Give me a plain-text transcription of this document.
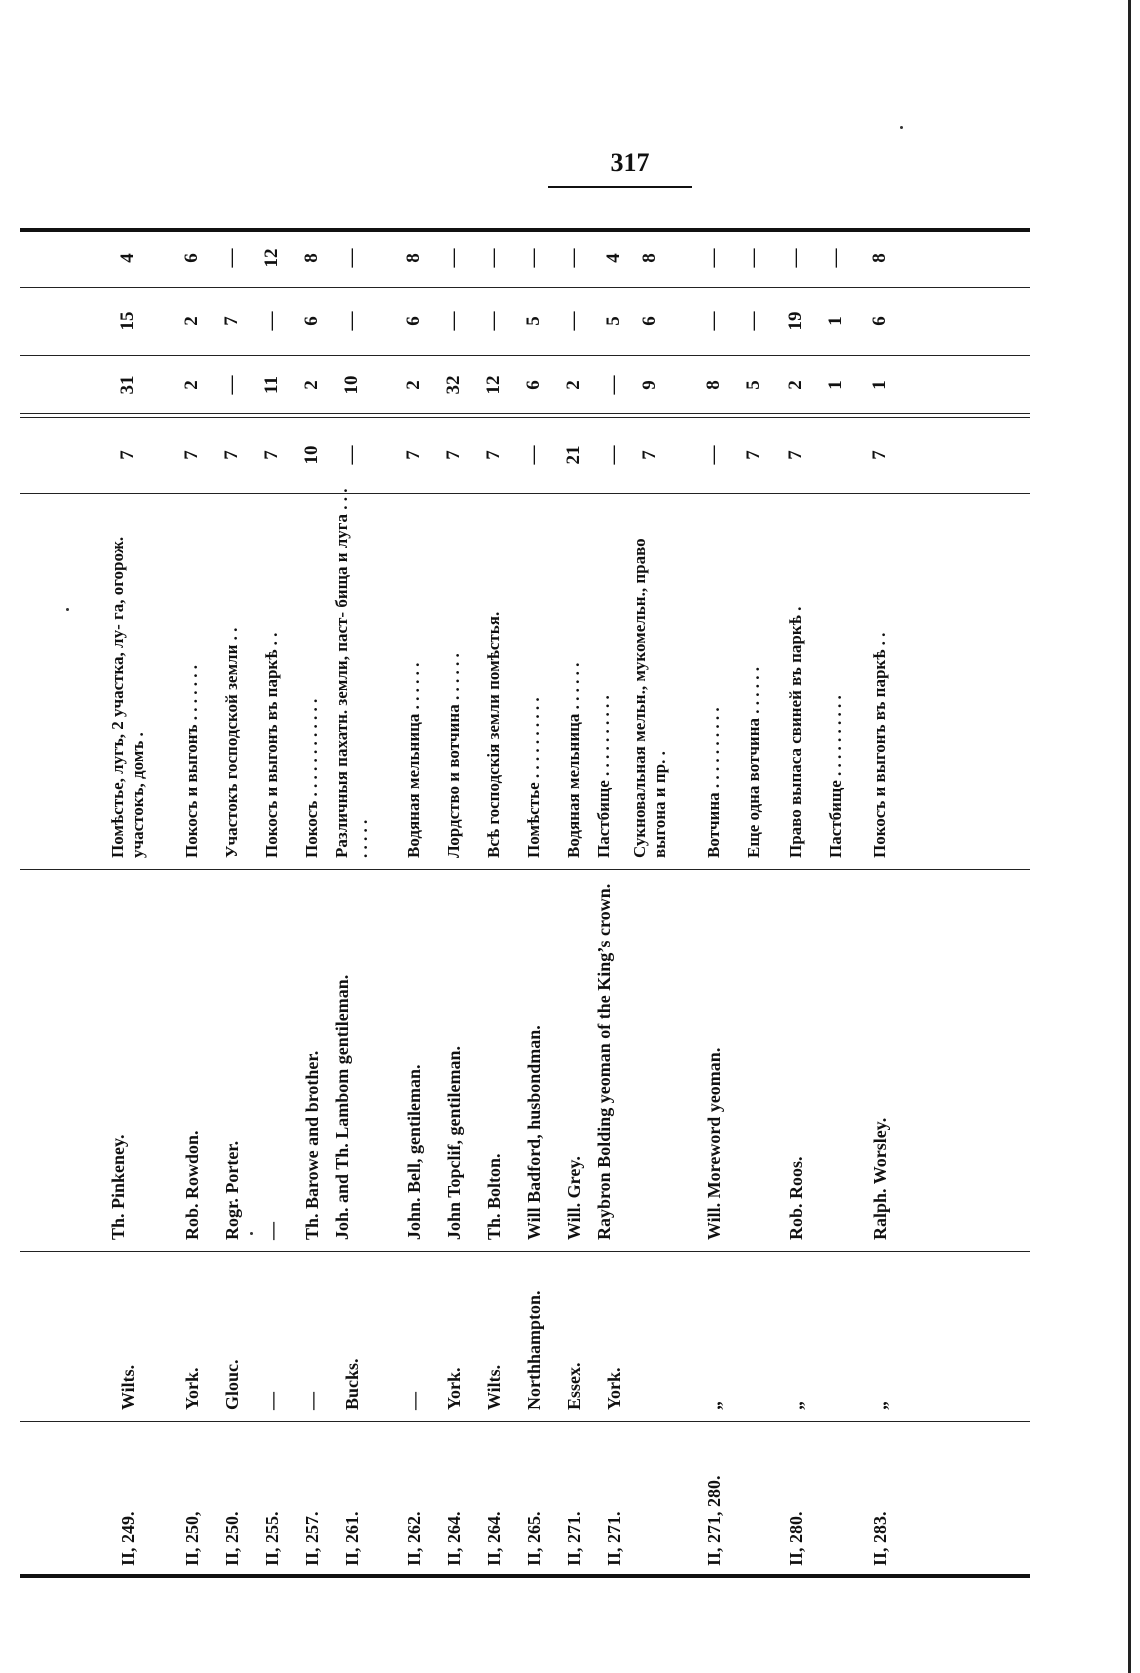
317
II, 249.
Wilts.
Th. Pinkeney.
Помѣстье, лугъ, 2 участка, лу- га, огорож. участокъ, домъ .
7
31
15
4
II, 250,
York.
Rob. Rowdon.
Покосъ и выгонъ . . . . . . .
7
2
2
6
II, 250.
Glouc.
Rogr. Porter.
Участокъ господской земли . .
7
—
7
—
II, 255.
—
—
Покосъ и выгонъ въ паркѣ . .
7
11
—
12
II, 257.
—
Th. Barowe and brother.
Покосъ . . . . . . . . . . . .
10
2
6
8
II, 261.
Bucks.
Joh. and Th. Lambom gentileman.
Различныя пахатн. земли, паст- бища и луга . . . . . . . .
—
10
—
—
II, 262.
—
John. Bell, gentileman.
Водяная мельница . . . . . .
7
2
6
8
II, 264.
York.
John Topclif, gentileman.
Лордство и вотчина . . . . . .
7
32
—
—
II, 264.
Wilts.
Th. Bolton.
Всѣ господскія земли помѣстья.
7
12
—
—
II, 265.
Northhampton.
Will Badford, husbondman.
Помѣстье . . . . . . . . . .
—
6
5
—
II, 271.
Essex.
Will. Grey.
Водяная мельница . . . . . .
21
2
—
—
II, 271.
York.
Raybron Bolding yeoman of the King’s crown.
Пастбище . . . . . . . . . .
—
—
5
4
Сукновальная мельн., мукомельн., право выгона и пр. .
7
9
6
8
II, 271, 280.
„
Will. Moreword yeoman.
Вотчина . . . . . . . . . .
—
8
—
—
Еще одна вотчина . . . . . .
7
5
—
—
II, 280.
„
Rob. Roos.
Право выпаса свиней въ паркѣ .
7
2
19
—
Пастбище . . . . . . . . . .
1
1
—
II, 283.
„
Ralph. Worsley.
Покосъ и выгонъ въ паркѣ . .
7
1
6
8
